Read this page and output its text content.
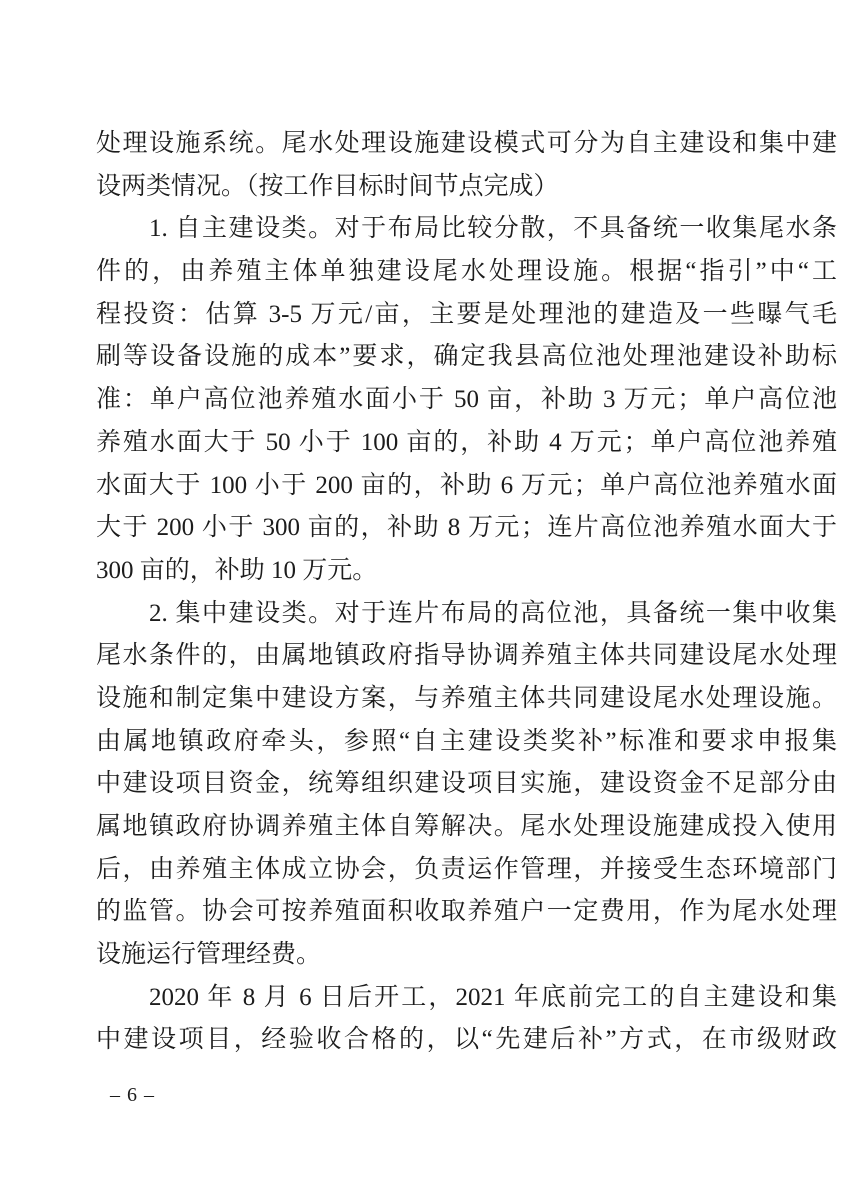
处理设施系统。尾水处理设施建设模式可分为自主建设和集中建
设两类情况。（按工作目标时间节点完成）
1. 自主建设类。对于布局比较分散，不具备统一收集尾水条
件的，由养殖主体单独建设尾水处理设施。根据“指引”中“工
程投资：估算 3-5 万元/亩，主要是处理池的建造及一些曝气毛
刷等设备设施的成本”要求，确定我县高位池处理池建设补助标
准：单户高位池养殖水面小于 50 亩，补助 3 万元；单户高位池
养殖水面大于 50 小于 100 亩的，补助 4 万元；单户高位池养殖
水面大于 100 小于 200 亩的，补助 6 万元；单户高位池养殖水面
大于 200 小于 300 亩的，补助 8 万元；连片高位池养殖水面大于
300 亩的，补助 10 万元。
2. 集中建设类。对于连片布局的高位池，具备统一集中收集
尾水条件的，由属地镇政府指导协调养殖主体共同建设尾水处理
设施和制定集中建设方案，与养殖主体共同建设尾水处理设施。
由属地镇政府牵头，参照“自主建设类奖补”标准和要求申报集
中建设项目资金，统筹组织建设项目实施，建设资金不足部分由
属地镇政府协调养殖主体自筹解决。尾水处理设施建成投入使用
后，由养殖主体成立协会，负责运作管理，并接受生态环境部门
的监管。协会可按养殖面积收取养殖户一定费用，作为尾水处理
设施运行管理经费。
2020 年 8 月 6 日后开工，2021 年底前完工的自主建设和集
中建设项目，经验收合格的，以“先建后补”方式，在市级财政
– 6 –
